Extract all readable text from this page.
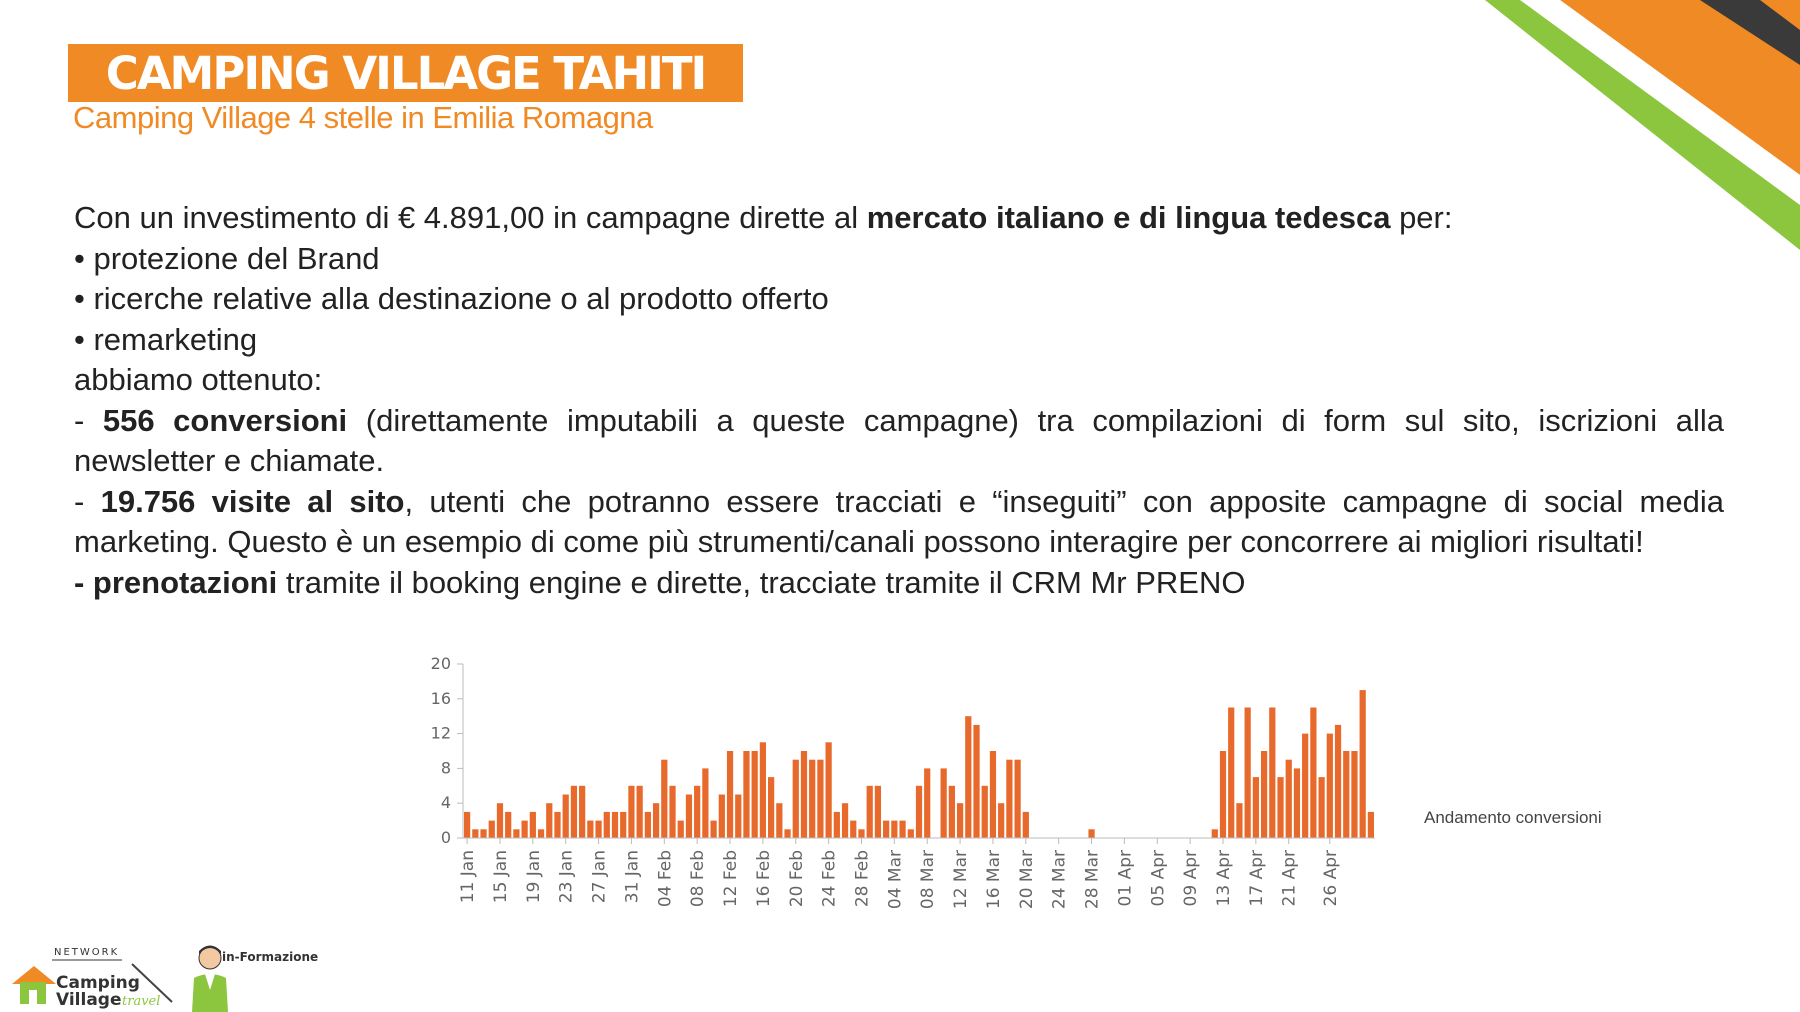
CAMPING VILLAGE TAHITI
Camping Village 4 stelle in Emilia Romagna
Con un investimento di € 4.891,00 in campagne dirette al mercato italiano e di lingua tedesca per:
• protezione del Brand
• ricerche relative alla destinazione o al prodotto offerto
• remarketing
abbiamo ottenuto:
- 556 conversioni (direttamente imputabili a queste campagne) tra compilazioni di form sul sito, iscrizioni alla
newsletter e chiamate.
- 19.756 visite al sito, utenti che potranno essere tracciati e “inseguiti” con apposite campagne di social media
marketing. Questo è un esempio di come più strumenti/canali possono interagire per concorrere ai migliori risultati!
- prenotazioni tramite il booking engine e dirette, tracciate tramite il CRM Mr PRENO
0
4
8
12
16
20
11 Jan 15 Jan 19 Jan 23 Jan 27 Jan 31 Jan 04 Feb 08 Feb 12 Feb 16 Feb 20 Feb 24 Feb 28 Feb 04 Mar 08 Mar 12 Mar 16 Mar 20 Mar 24 Mar 28 Mar 01 Apr 05 Apr 09 Apr 13 Apr 17 Apr 21 Apr 26 Apr
Andamento conversioni
NETWORK
Camping
Village travel
in-Formazione
